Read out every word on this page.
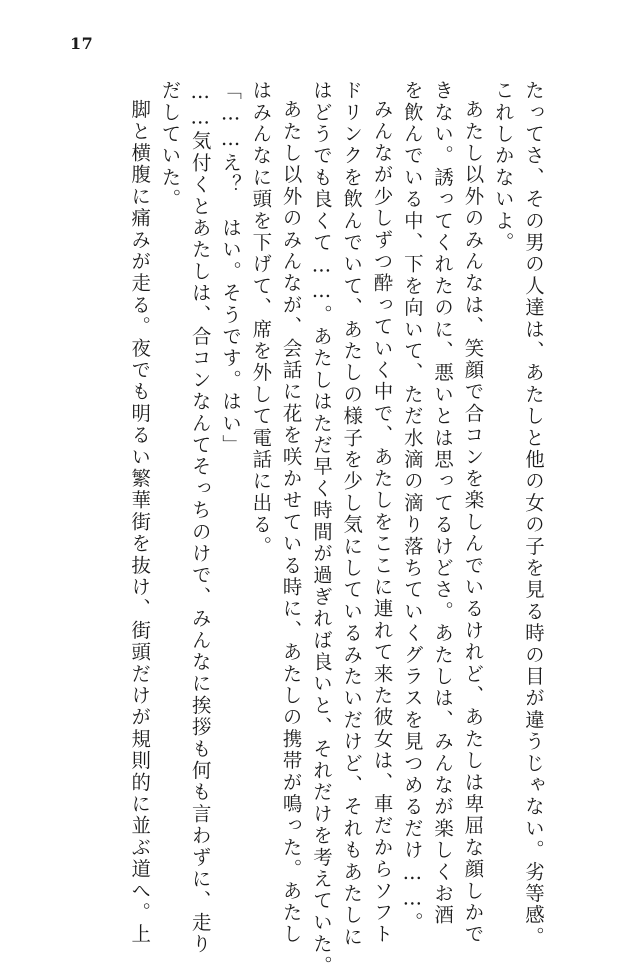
17
たってさ、その男の人達は、あたしと他の女の子を見る時の目が違うじゃない。劣等感。
これしかないよ。
あたし以外のみんなは、笑顔で合コンを楽しんでいるけれど、あたしは卑屈な顔しかで
きない。誘ってくれたのに、悪いとは思ってるけどさ。あたしは、みんなが楽しくお酒
を飲んでいる中、下を向いて、ただ水滴の滴り落ちていくグラスを見つめるだけ……。
みんなが少しずつ酔っていく中で、あたしをここに連れて来た彼女は、車だからソフト
ドリンクを飲んでいて、あたしの様子を少し気にしているみたいだけど、それもあたしに
はどうでも良くて……。あたしはただ早く時間が過ぎれば良いと、それだけを考えていた。
あたし以外のみんなが、会話に花を咲かせている時に、あたしの携帯が鳴った。あたし
はみんなに頭を下げて、席を外して電話に出る。
「……え？　はい。そうです。はい」
……気付くとあたしは、合コンなんてそっちのけで、みんなに挨拶も何も言わずに、走り
だしていた。
脚と横腹に痛みが走る。夜でも明るい繁華街を抜け、街頭だけが規則的に並ぶ道へ。上
